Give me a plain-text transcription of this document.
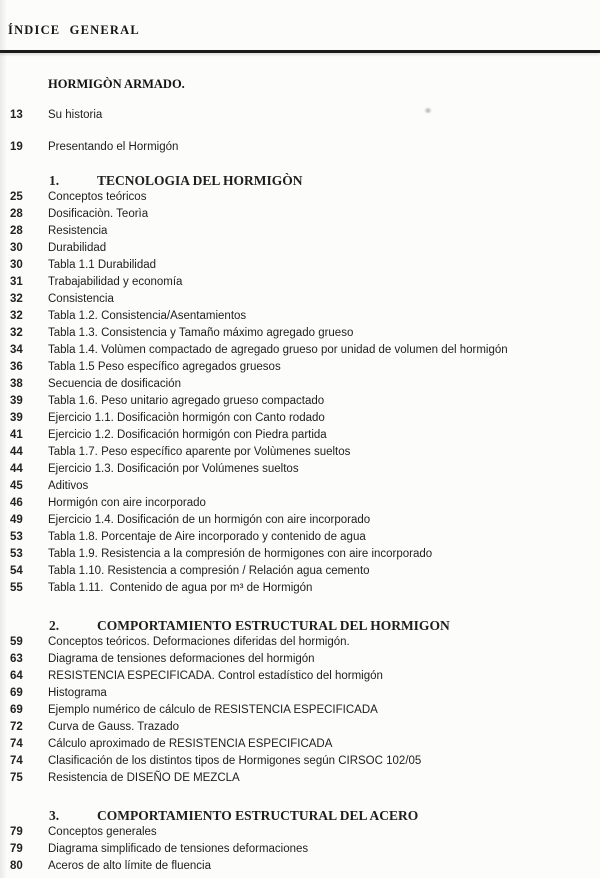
ÍNDICE GENERAL
HORMIGÒN ARMADO.
13	Su historia
19	Presentando el Hormigón
1.	TECNOLOGIA DEL HORMIGÒN
25	Conceptos teóricos
28	Dosificaciòn. Teorìa
28	Resistencia
30	Durabilidad
30	Tabla 1.1 Durabilidad
31	Trabajabilidad y economía
32	Consistencia
32	Tabla 1.2. Consistencia/Asentamientos
32	Tabla 1.3. Consistencia y Tamaño máximo agregado grueso
34	Tabla 1.4. Volùmen compactado de agregado grueso por unidad de volumen del hormigón
36	Tabla 1.5 Peso específico agregados gruesos
38	Secuencia de dosificación
39	Tabla 1.6. Peso unitario agregado grueso compactado
39	Ejercicio 1.1. Dosificaciòn hormigón con Canto rodado
41	Ejercicio 1.2. Dosificación hormigón con Piedra partida
44	Tabla 1.7. Peso específico aparente por Volùmenes sueltos
44	Ejercicio 1.3. Dosificación por Volúmenes sueltos
45	Aditivos
46	Hormigón con aire incorporado
49	Ejercicio 1.4. Dosificación de un hormigón con aire incorporado
53	Tabla 1.8. Porcentaje de Aire incorporado y contenido de agua
53	Tabla 1.9. Resistencia a la compresión de hormigones con aire incorporado
54	Tabla 1.10. Resistencia a compresión / Relación agua cemento
55	Tabla 1.11.  Contenido de agua por m³ de Hormigón
2.	COMPORTAMIENTO ESTRUCTURAL DEL HORMIGON
59	Conceptos teóricos. Deformaciones diferidas del hormigón.
63	Diagrama de tensiones deformaciones del hormigón
64	RESISTENCIA ESPECIFICADA. Control estadístico del hormigón
69	Histograma
69	Ejemplo numérico de cálculo de RESISTENCIA ESPECIFICADA
72	Curva de Gauss. Trazado
74	Cálculo aproximado de RESISTENCIA ESPECIFICADA
74	Clasificación de los distintos tipos de Hormigones según CIRSOC 102/05
75	Resistencia de DISEÑO DE MEZCLA
3.	COMPORTAMIENTO ESTRUCTURAL DEL ACERO
79	Conceptos generales
79	Diagrama simplificado de tensiones deformaciones
80	Aceros de alto límite de fluencia
